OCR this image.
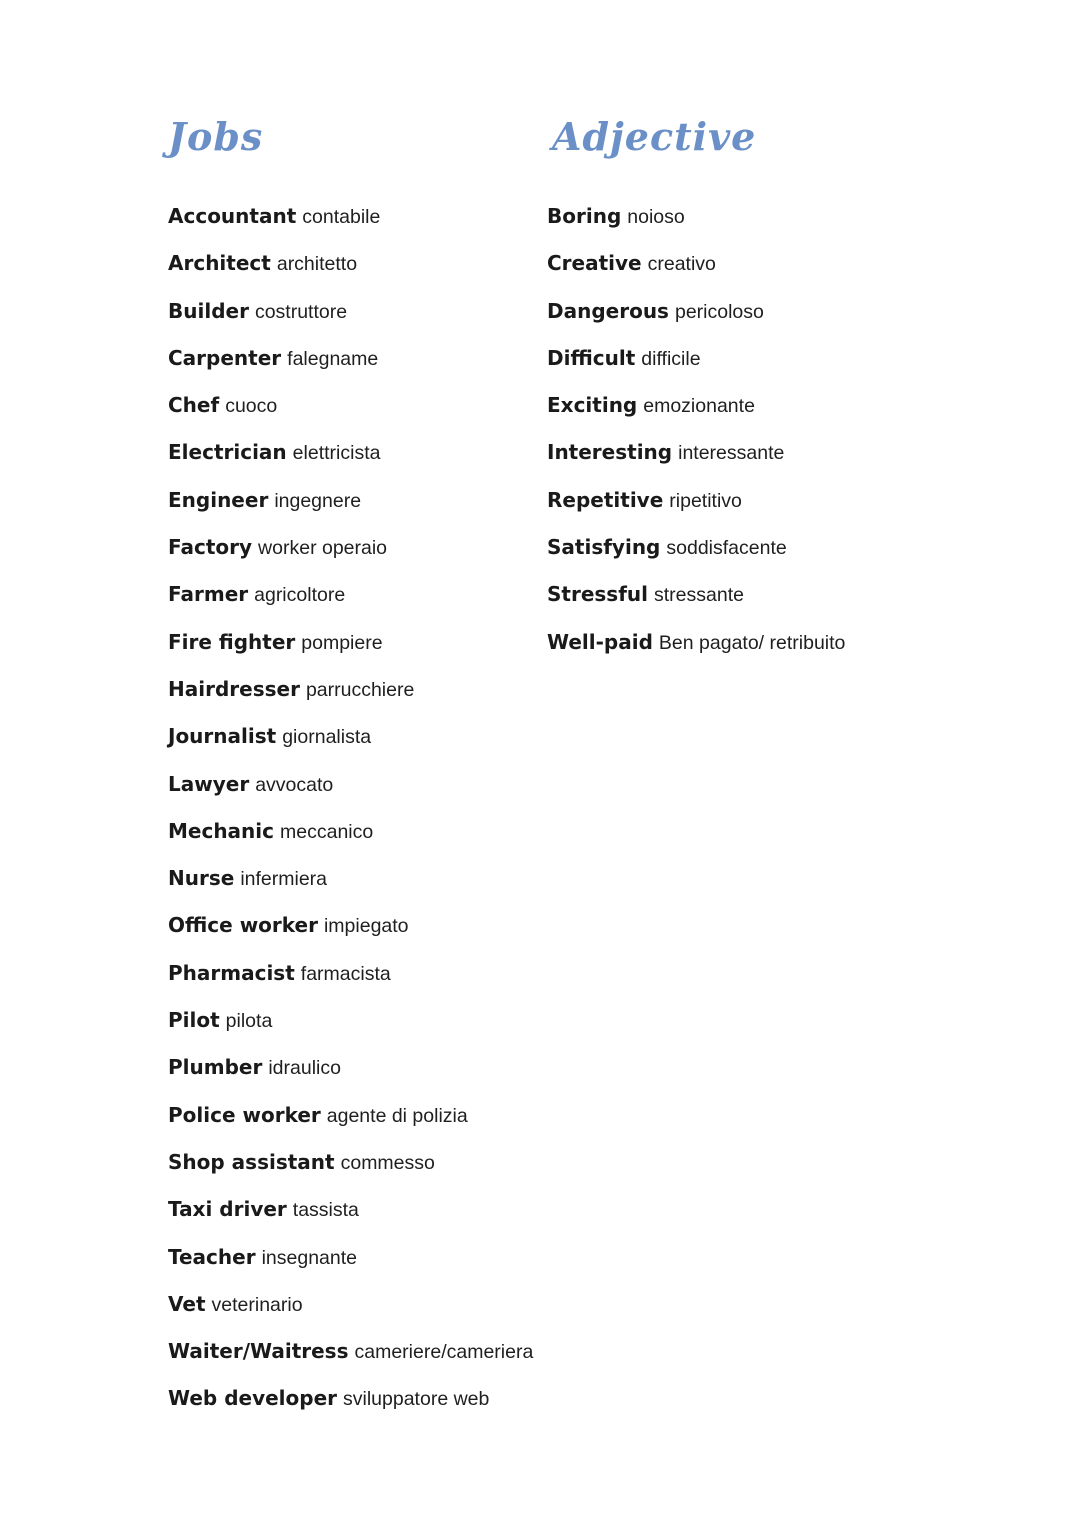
Jobs	Adjective
Accountant contabile
Architect architetto
Builder costruttore
Carpenter falegname
Chef cuoco
Electrician elettricista
Engineer ingegnere
Factory worker operaio
Farmer agricoltore
Fire fighter pompiere
Hairdresser parrucchiere
Journalist giornalista
Lawyer avvocato
Mechanic meccanico
Nurse infermiera
Office worker impiegato
Pharmacist farmacista
Pilot pilota
Plumber idraulico
Police worker agente di polizia
Shop assistant commesso
Taxi driver tassista
Teacher insegnante
Vet veterinario
Waiter/Waitress cameriere/cameriera
Web developer sviluppatore web
Boring noioso
Creative creativo
Dangerous pericoloso
Difficult difficile
Exciting emozionante
Interesting interessante
Repetitive ripetitivo
Satisfying soddisfacente
Stressful stressante
Well-paid Ben pagato/ retribuito
